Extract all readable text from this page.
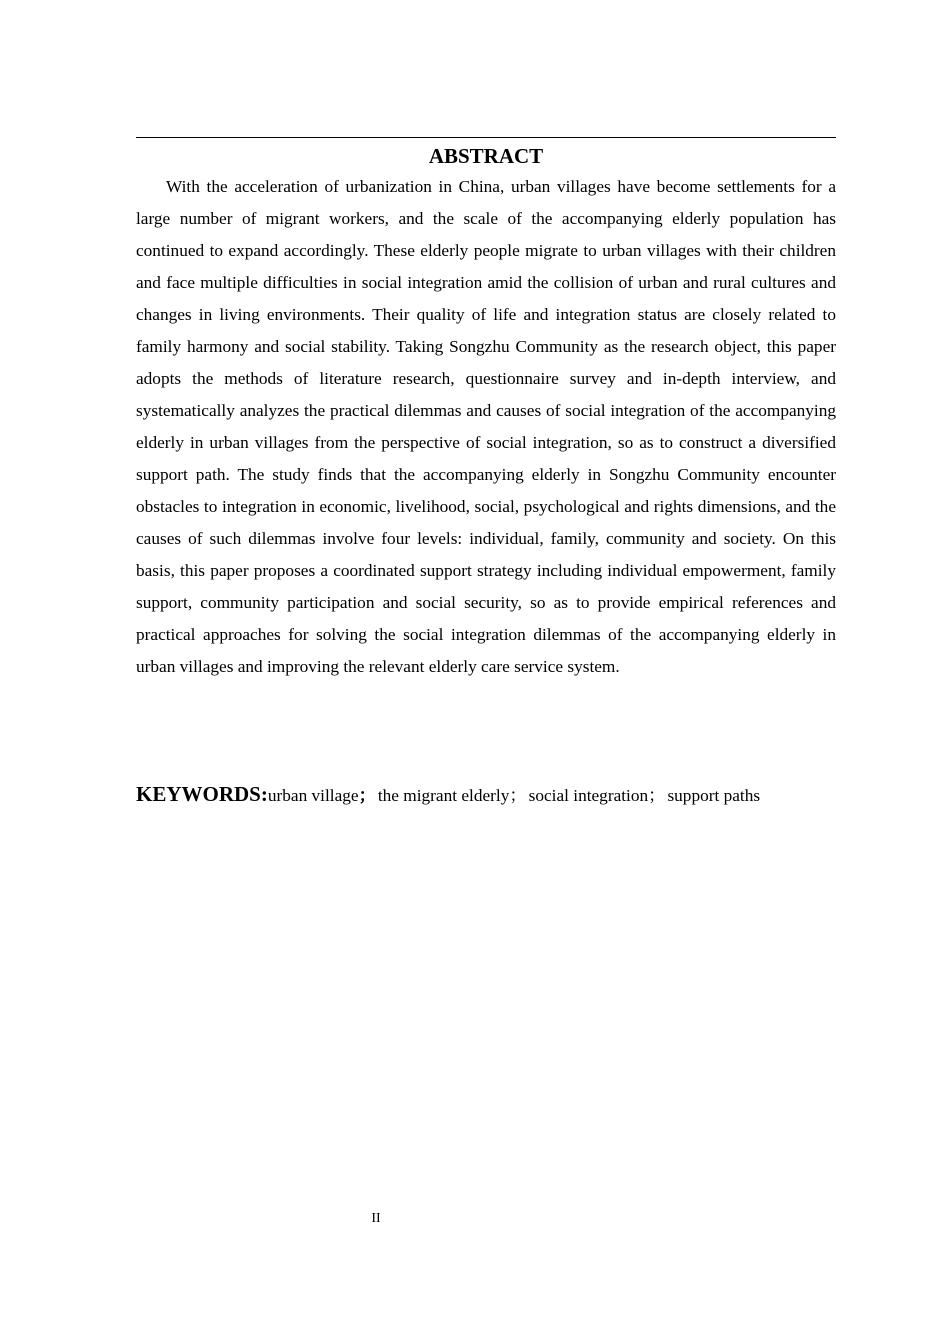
ABSTRACT

With the acceleration of urbanization in China, urban villages have become settlements for a large number of migrant workers, and the scale of the accompanying elderly population has continued to expand accordingly. These elderly people migrate to urban villages with their children and face multiple difficulties in social integration amid the collision of urban and rural cultures and changes in living environments. Their quality of life and integration status are closely related to family harmony and social stability. Taking Songzhu Community as the research object, this paper adopts the methods of literature research, questionnaire survey and in-depth interview, and systematically analyzes the practical dilemmas and causes of social integration of the accompanying elderly in urban villages from the perspective of social integration, so as to construct a diversified support path. The study finds that the accompanying elderly in Songzhu Community encounter obstacles to integration in economic, livelihood, social, psychological and rights dimensions, and the causes of such dilemmas involve four levels: individual, family, community and society. On this basis, this paper proposes a coordinated support strategy including individual empowerment, family support, community participation and social security, so as to provide empirical references and practical approaches for solving the social integration dilemmas of the accompanying elderly in urban villages and improving the relevant elderly care service system.

KEYWORDS:urban village； the migrant elderly； social integration； support paths
II
